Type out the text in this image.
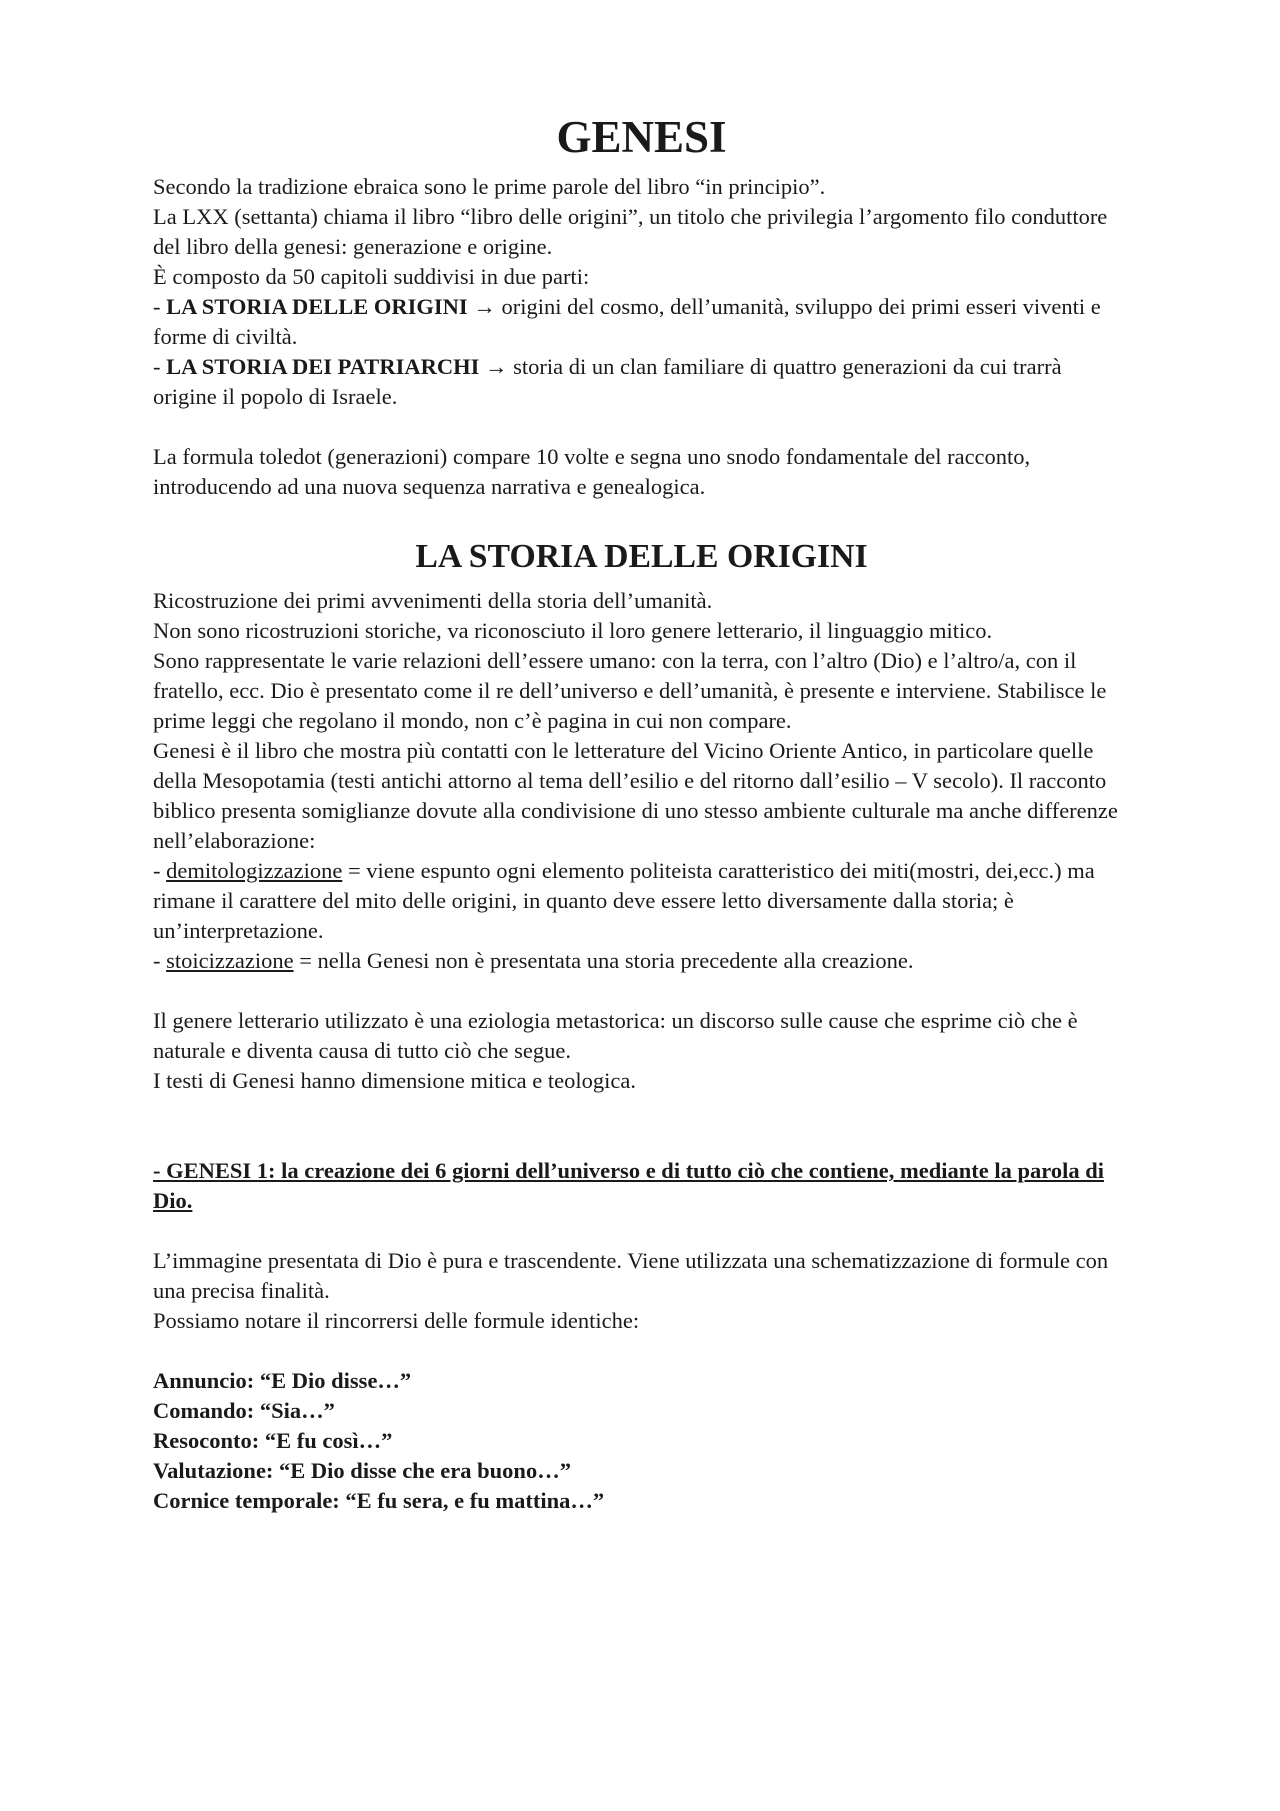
GENESI

Secondo la tradizione ebraica sono le prime parole del libro “in principio”.

La LXX (settanta) chiama il libro “libro delle origini”, un titolo che privilegia l’argomento filo conduttore del libro della genesi: generazione e origine.

È composto da 50 capitoli suddivisi in due parti:

- LA STORIA DELLE ORIGINI → origini del cosmo, dell’umanità, sviluppo dei primi esseri viventi e forme di civiltà.

- LA STORIA DEI PATRIARCHI → storia di un clan familiare di quattro generazioni da cui trarrà origine il popolo di Israele.

La formula toledot (generazioni) compare 10 volte e segna uno snodo fondamentale del racconto, introducendo ad una nuova sequenza narrativa e genealogica.

LA STORIA DELLE ORIGINI

Ricostruzione dei primi avvenimenti della storia dell’umanità.

Non sono ricostruzioni storiche, va riconosciuto il loro genere letterario, il linguaggio mitico.

Sono rappresentate le varie relazioni dell’essere umano: con la terra, con l’altro (Dio) e l’altro/a, con il fratello, ecc. Dio è presentato come il re dell’universo e dell’umanità, è presente e interviene. Stabilisce le prime leggi che regolano il mondo, non c’è pagina in cui non compare.

Genesi è il libro che mostra più contatti con le letterature del Vicino Oriente Antico, in particolare quelle della Mesopotamia (testi antichi attorno al tema dell’esilio e del ritorno dall’esilio – V secolo). Il racconto biblico presenta somiglianze dovute alla condivisione di uno stesso ambiente culturale ma anche differenze nell’elaborazione:

- demitologizzazione = viene espunto ogni elemento politeista caratteristico dei miti(mostri, dei,ecc.) ma rimane il carattere del mito delle origini, in quanto deve essere letto diversamente dalla storia; è un’interpretazione.

- stoicizzazione = nella Genesi non è presentata una storia precedente alla creazione.

Il genere letterario utilizzato è una eziologia metastorica: un discorso sulle cause che esprime ciò che è naturale e diventa causa di tutto ciò che segue.

I testi di Genesi hanno dimensione mitica e teologica.

- GENESI 1: la creazione dei 6 giorni dell’universo e di tutto ciò che contiene, mediante la parola di Dio.

L’immagine presentata di Dio è pura e trascendente. Viene utilizzata una schematizzazione di formule con una precisa finalità.

Possiamo notare il rincorrersi delle formule identiche:

Annuncio: “E Dio disse…”

Comando: “Sia…”

Resoconto: “E fu così…”

Valutazione: “E Dio disse che era buono…”

Cornice temporale: “E fu sera, e fu mattina…”
